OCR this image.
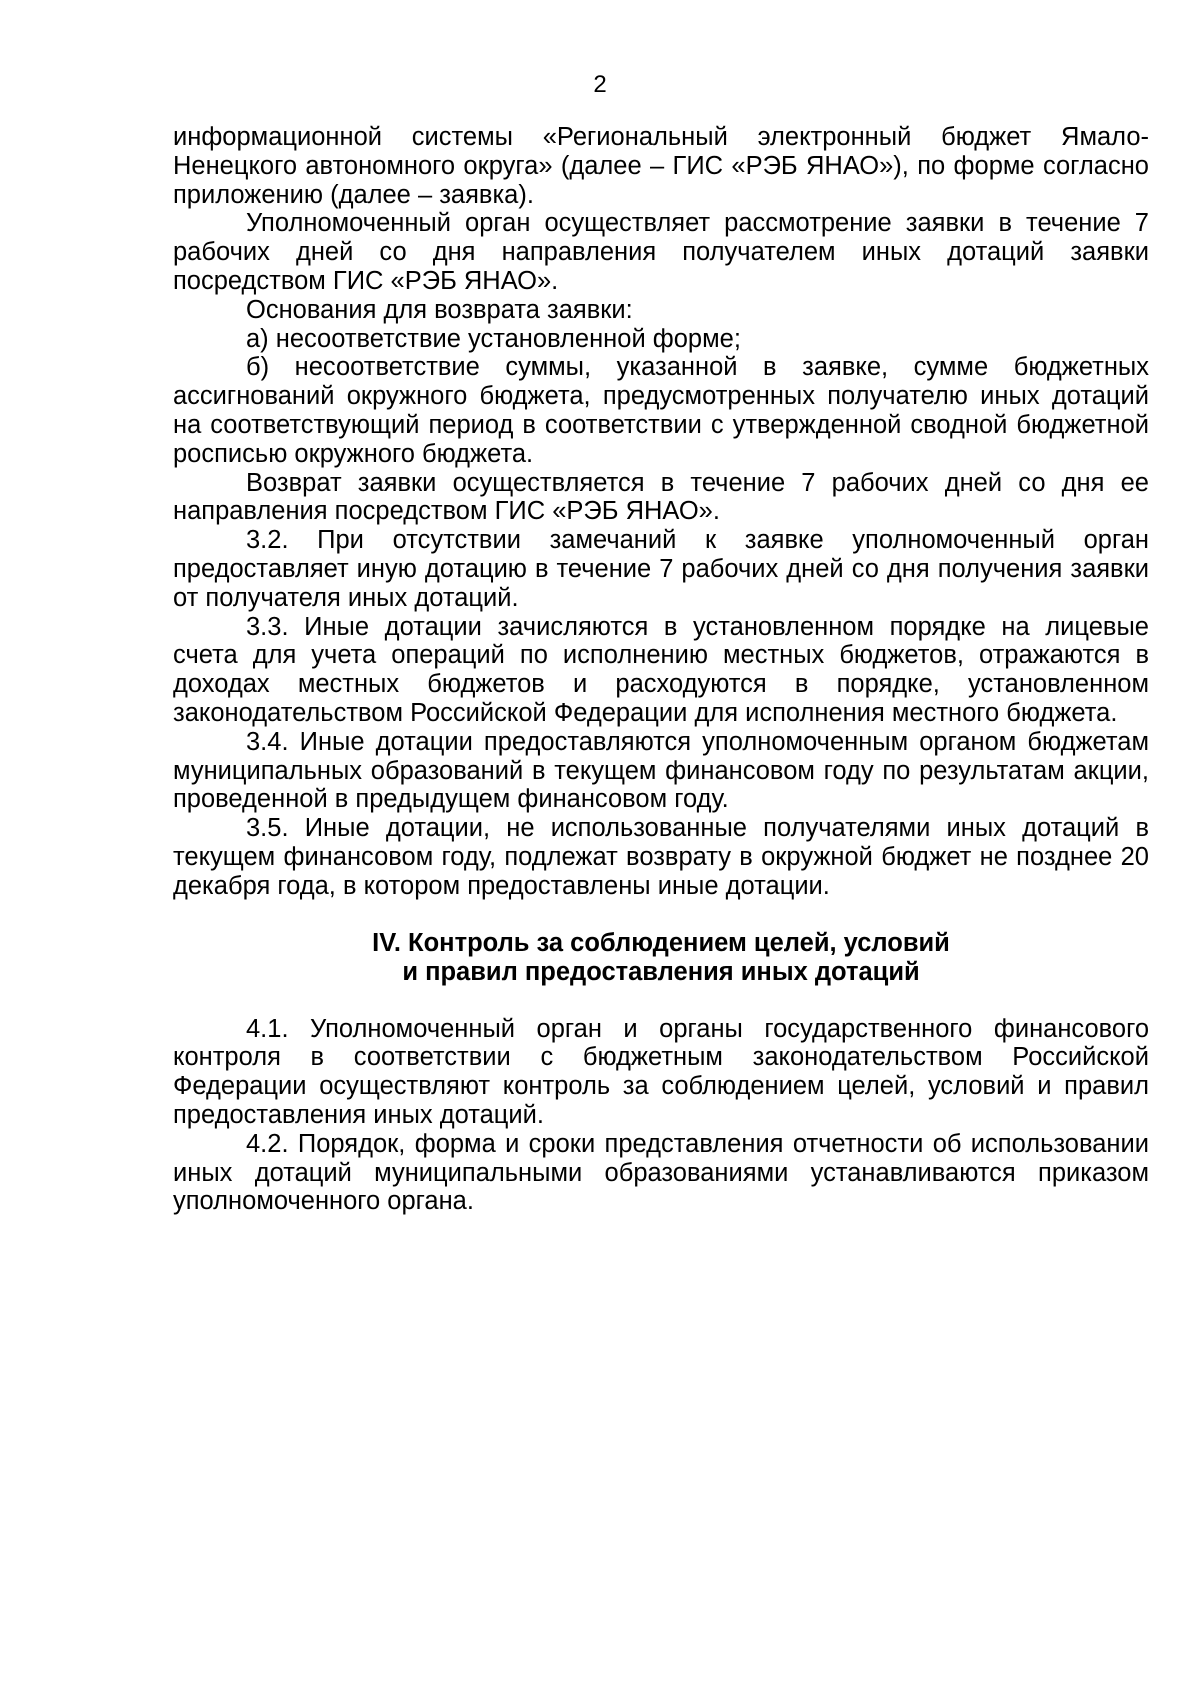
2

информационной системы «Региональный электронный бюджет Ямало-Ненецкого автономного округа» (далее – ГИС «РЭБ ЯНАО»), по форме согласно приложению (далее – заявка).

Уполномоченный орган осуществляет рассмотрение заявки в течение 7 рабочих дней со дня направления получателем иных дотаций заявки посредством ГИС «РЭБ ЯНАО».

Основания для возврата заявки:

а) несоответствие установленной форме;

б) несоответствие суммы, указанной в заявке, сумме бюджетных ассигнований окружного бюджета, предусмотренных получателю иных дотаций на соответствующий период в соответствии с утвержденной сводной бюджетной росписью окружного бюджета.

Возврат заявки осуществляется в течение 7 рабочих дней со дня ее направления посредством ГИС «РЭБ ЯНАО».

3.2. При отсутствии замечаний к заявке уполномоченный орган предоставляет иную дотацию в течение 7 рабочих дней со дня получения заявки от получателя иных дотаций.

3.3. Иные дотации зачисляются в установленном порядке на лицевые счета для учета операций по исполнению местных бюджетов, отражаются в доходах местных бюджетов и расходуются в порядке, установленном законодательством Российской Федерации для исполнения местного бюджета.

3.4. Иные дотации предоставляются уполномоченным органом бюджетам муниципальных образований в текущем финансовом году по результатам акции, проведенной в предыдущем финансовом году.

3.5. Иные дотации, не использованные получателями иных дотаций в текущем финансовом году, подлежат возврату в окружной бюджет не позднее 20 декабря года, в котором предоставлены иные дотации.

IV. Контроль за соблюдением целей, условий
и правил предоставления иных дотаций

4.1. Уполномоченный орган и органы государственного финансового контроля в соответствии с бюджетным законодательством Российской Федерации осуществляют контроль за соблюдением целей, условий и правил предоставления иных дотаций.

4.2. Порядок, форма и сроки представления отчетности об использовании иных дотаций муниципальными образованиями устанавливаются приказом уполномоченного органа.
